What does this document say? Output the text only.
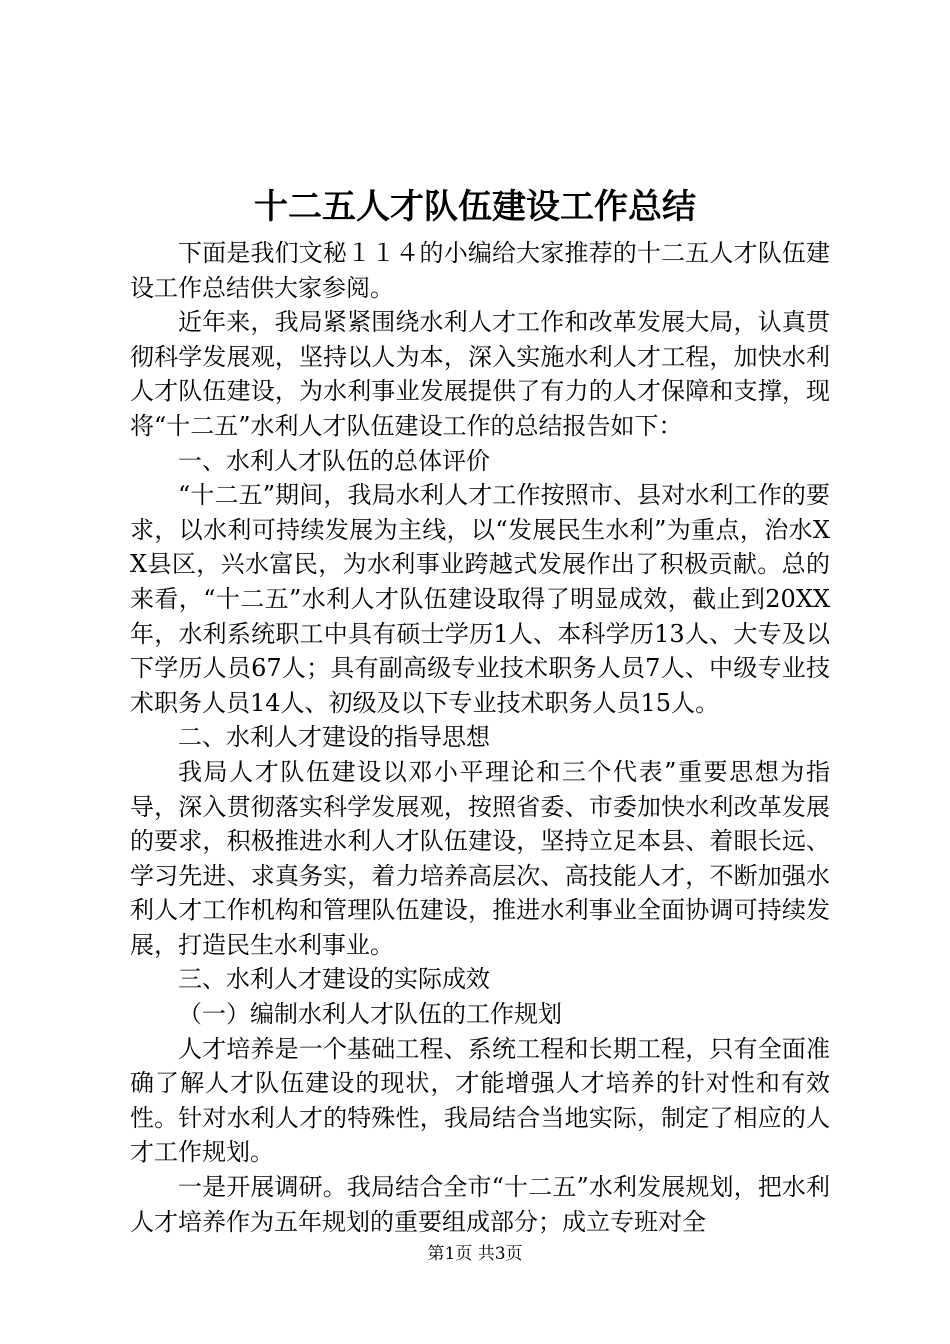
十二五人才队伍建设工作总结

下面是我们文秘１１４的小编给大家推荐的十二五人才队伍建设工作总结供大家参阅。

近年来，我局紧紧围绕水利人才工作和改革发展大局，认真贯彻科学发展观，坚持以人为本，深入实施水利人才工程，加快水利人才队伍建设，为水利事业发展提供了有力的人才保障和支撑，现将“十二五”水利人才队伍建设工作的总结报告如下：

一、水利人才队伍的总体评价

“十二五”期间，我局水利人才工作按照市、县对水利工作的要求，以水利可持续发展为主线，以“发展民生水利”为重点，治水XX县区，兴水富民，为水利事业跨越式发展作出了积极贡献。总的来看，“十二五”水利人才队伍建设取得了明显成效，截止到20XX年，水利系统职工中具有硕士学历1人、本科学历13人、大专及以下学历人员67人；具有副高级专业技术职务人员7人、中级专业技术职务人员14人、初级及以下专业技术职务人员15人。

二、水利人才建设的指导思想

我局人才队伍建设以邓小平理论和三个代表”重要思想为指导，深入贯彻落实科学发展观，按照省委、市委加快水利改革发展的要求，积极推进水利人才队伍建设，坚持立足本县、着眼长远、学习先进、求真务实，着力培养高层次、高技能人才，不断加强水利人才工作机构和管理队伍建设，推进水利事业全面协调可持续发展，打造民生水利事业。

三、水利人才建设的实际成效

（一）编制水利人才队伍的工作规划

人才培养是一个基础工程、系统工程和长期工程，只有全面准确了解人才队伍建设的现状，才能增强人才培养的针对性和有效性。针对水利人才的特殊性，我局结合当地实际，制定了相应的人才工作规划。

一是开展调研。我局结合全市“十二五”水利发展规划，把水利人才培养作为五年规划的重要组成部分；成立专班对全

第1页 共3页
